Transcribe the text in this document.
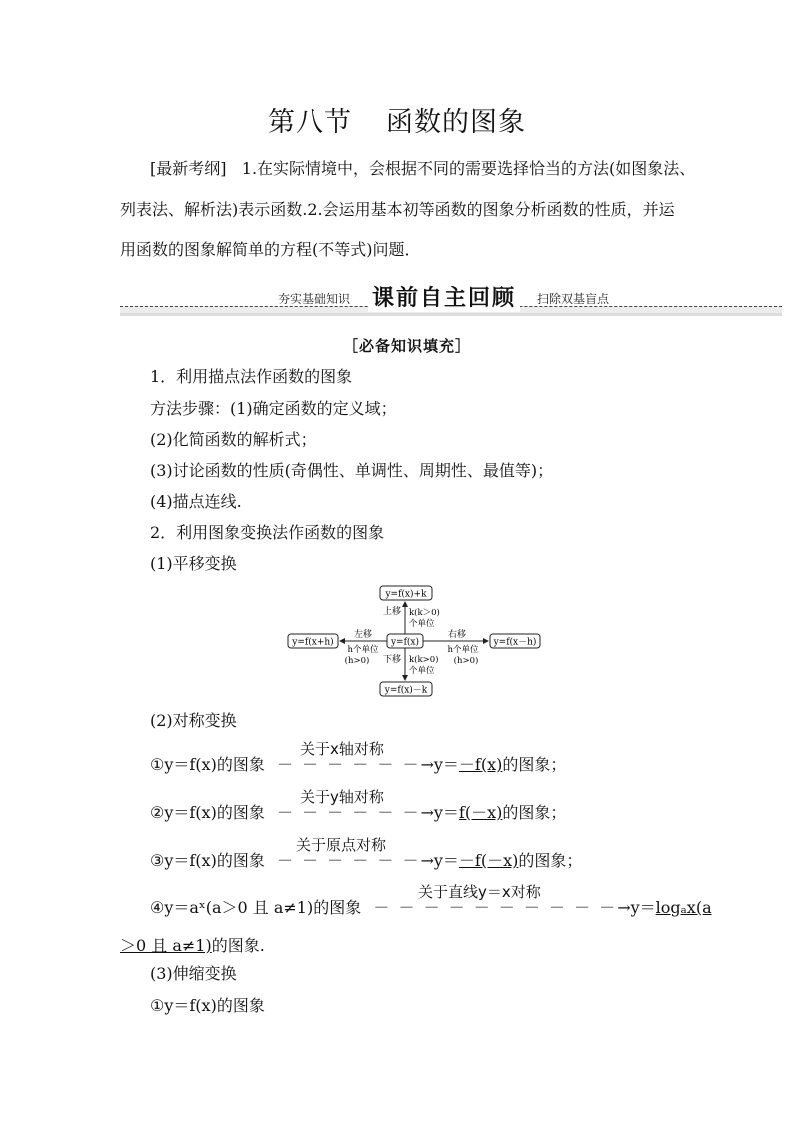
第八节 函数的图象
[最新考纲] 1.在实际情境中，会根据不同的需要选择恰当的方法(如图象法、
列表法、解析法)表示函数.2.会运用基本初等函数的图象分析函数的性质，并运
用函数的图象解简单的方程(不等式)问题．
夯实基础知识 课前自主回顾	扫除双基盲点
［必备知识填充］
1．利用描点法作函数的图象
方法步骤：(1)确定函数的定义域；
(2)化简函数的解析式；
(3)讨论函数的性质(奇偶性、单调性、周期性、最值等)；
(4)描点连线.
2．利用图象变换法作函数的图象
(1)平移变换
y=f(x)+k
y=f(x)
y=f(x+h)	y=f(x－h)
y=f(x)－k
上移 k(k＞0)
个单位
下移 k(k>0)
个单位
左移
h个单位
(h>0)
右移
h个单位
(h>0)
(2)对称变换
关于x轴对称
①y＝f(x)的图象  － － － － － －→y＝－f(x)的图象；
关于y轴对称
②y＝f(x)的图象  － － － － － －→y＝f(－x)的图象；
关于原点对称
③y＝f(x)的图象  － － － － － －→y＝－f(－x)的图象；
关于直线y＝x对称
④y＝aˣ(a＞0 且 a≠1)的图象  － － － － － － － － － －→y＝logₐx(a
＞0 且 a≠1)的图象.
(3)伸缩变换
①y＝f(x)的图象
